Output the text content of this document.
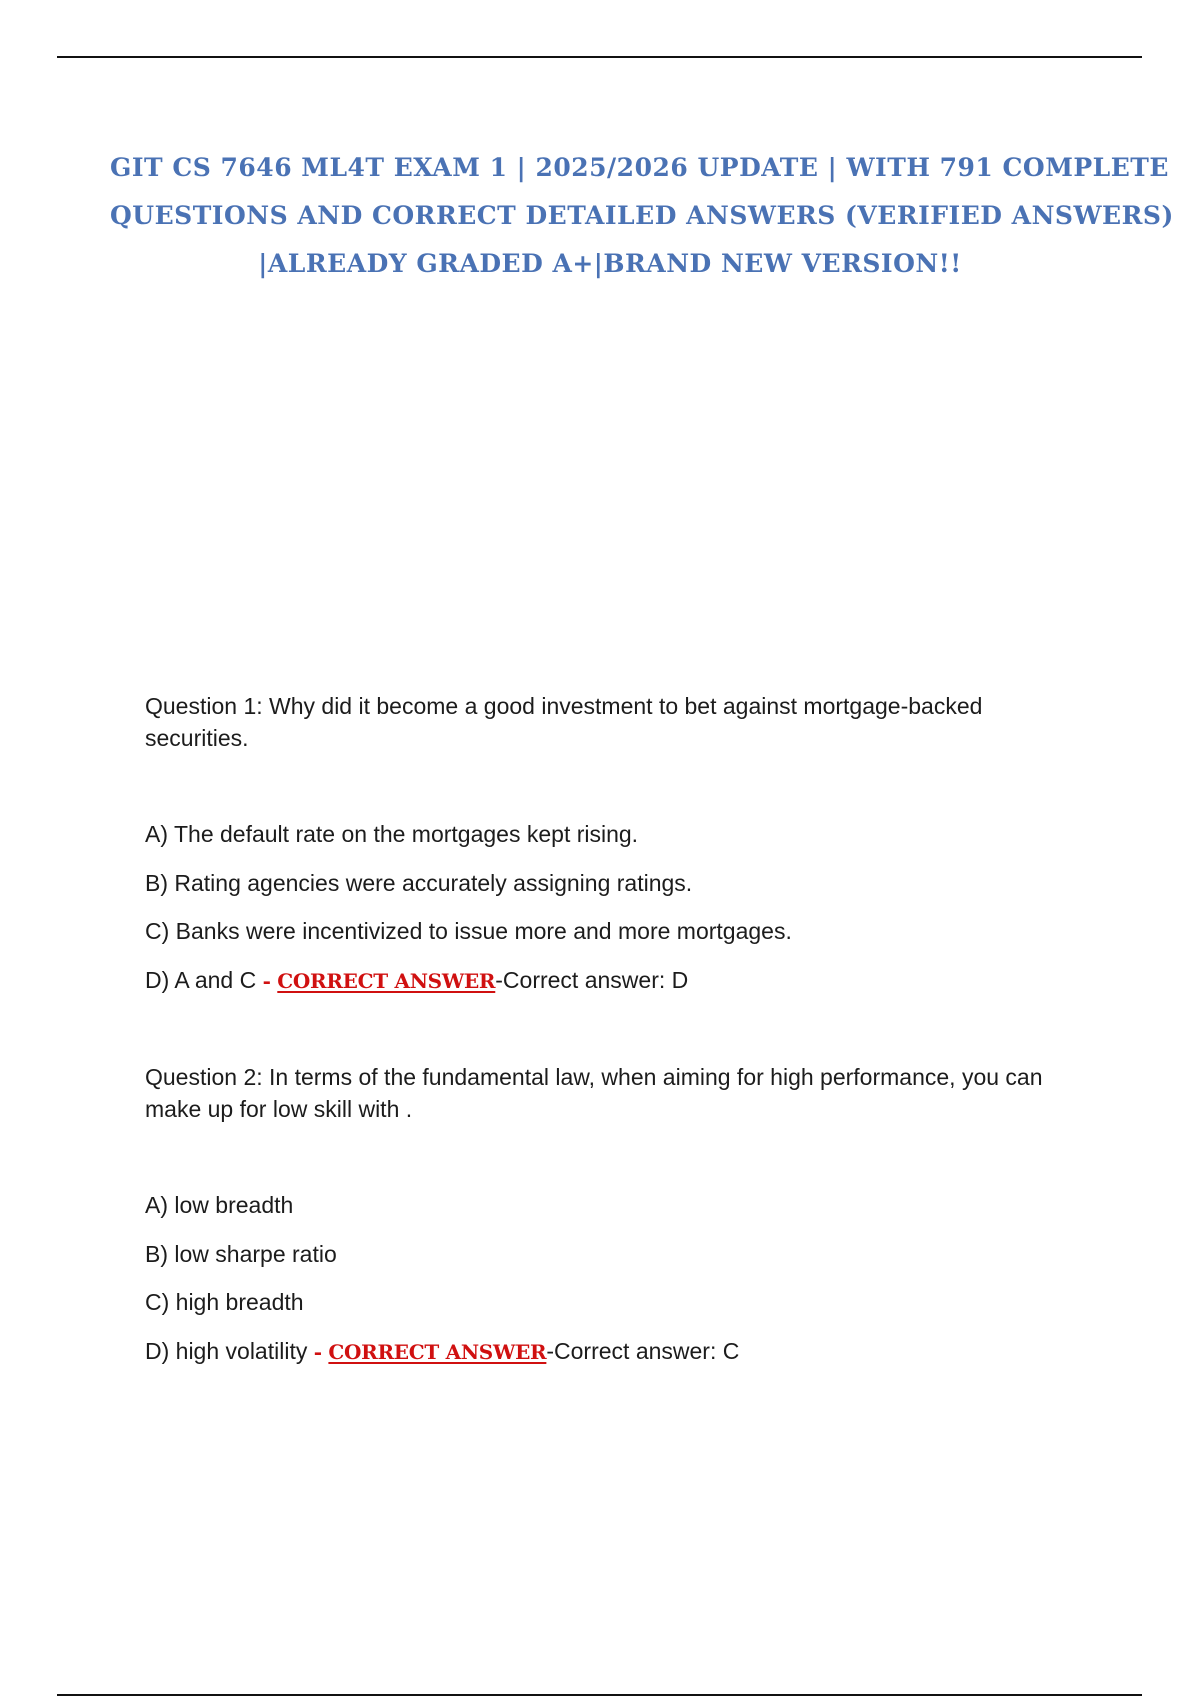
GIT CS 7646 ML4T EXAM 1 | 2025/2026 UPDATE | WITH 791 COMPLETE
QUESTIONS AND CORRECT DETAILED ANSWERS (VERIFIED ANSWERS)
|ALREADY GRADED A+|BRAND NEW VERSION!!

Question 1: Why did it become a good investment to bet against mortgage-backed securities.

A) The default rate on the mortgages kept rising.
B) Rating agencies were accurately assigning ratings.
C) Banks were incentivized to issue more and more mortgages.
D) A and C - CORRECT ANSWER-Correct answer: D

Question 2: In terms of the fundamental law, when aiming for high performance, you can make up for low skill with .

A) low breadth
B) low sharpe ratio
C) high breadth
D) high volatility - CORRECT ANSWER-Correct answer: C
